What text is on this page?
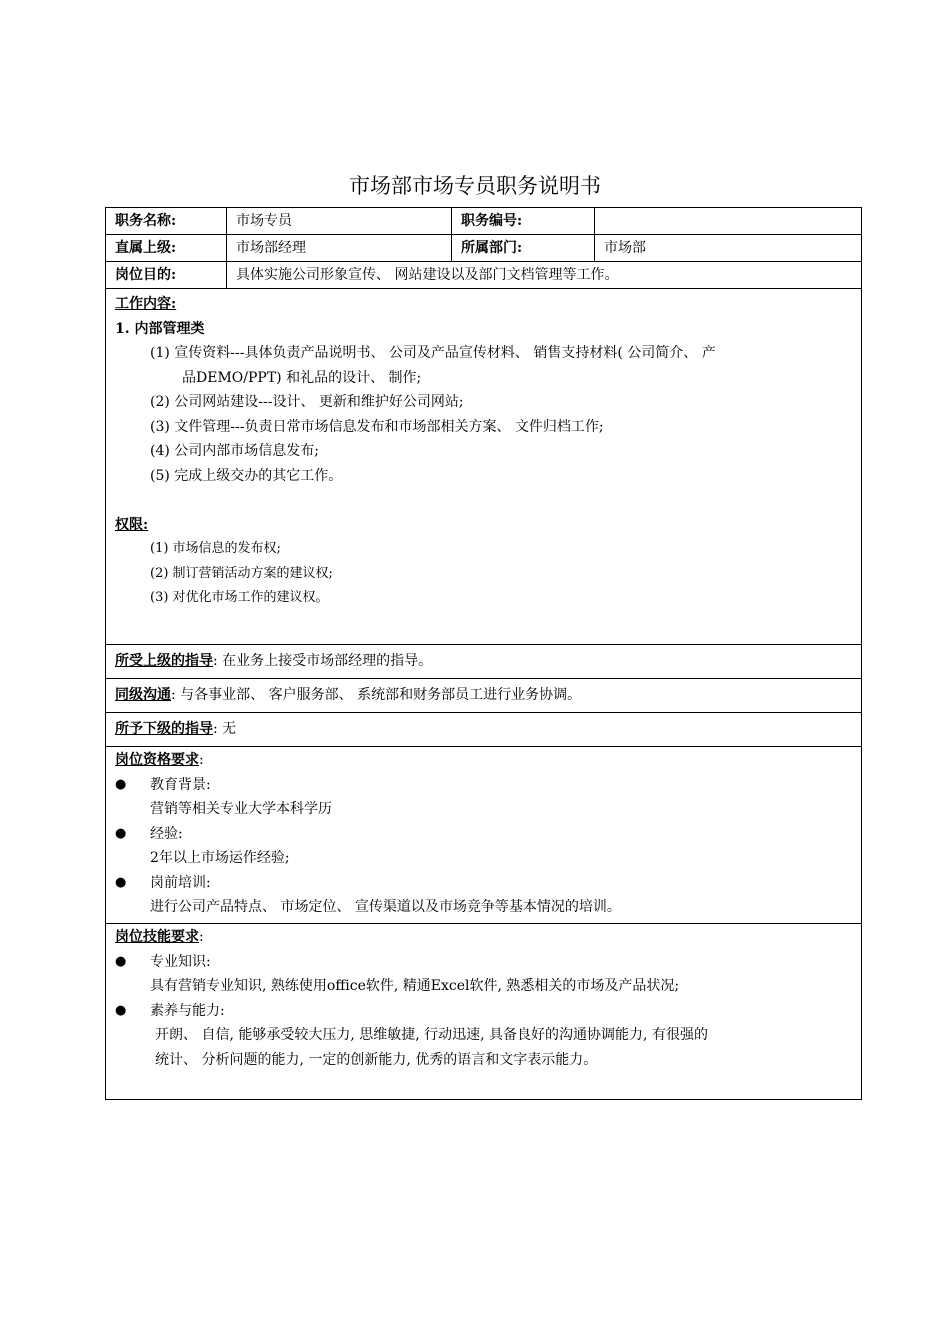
市场部市场专员职务说明书
职务名称:	市场专员	职务编号:
直属上级:	市场部经理	所属部门:	市场部
岗位目的:	具体实施公司形象宣传、 网站建设以及部门文档管理等工作。
工作内容:
1. 内部管理类
(1) 宣传资料---具体负责产品说明书、 公司及产品宣传材料、 销售支持材料( 公司简介、 产
品DEMO/PPT) 和礼品的设计、 制作;
(2) 公司网站建设---设计、 更新和维护好公司网站;
(3) 文件管理---负责日常市场信息发布和市场部相关方案、 文件归档工作;
(4) 公司内部市场信息发布;
(5) 完成上级交办的其它工作。
权限:
(1) 市场信息的发布权;
(2) 制订营销活动方案的建议权;
(3) 对优化市场工作的建议权。
所受上级的指导: 在业务上接受市场部经理的指导。
同级沟通: 与各事业部、 客户服务部、 系统部和财务部员工进行业务协调。
所予下级的指导: 无
岗位资格要求:
●	教育背景:
营销等相关专业大学本科学历
●	经验:
2年以上市场运作经验;
●	岗前培训:
进行公司产品特点、 市场定位、 宣传渠道以及市场竞争等基本情况的培训。
岗位技能要求:
●	专业知识:
具有营销专业知识, 熟练使用office软件, 精通Excel软件, 熟悉相关的市场及产品状况;
●	素养与能力:
开朗、 自信, 能够承受较大压力, 思维敏捷, 行动迅速, 具备良好的沟通协调能力, 有很强的
统计、 分析问题的能力, 一定的创新能力, 优秀的语言和文字表示能力。
